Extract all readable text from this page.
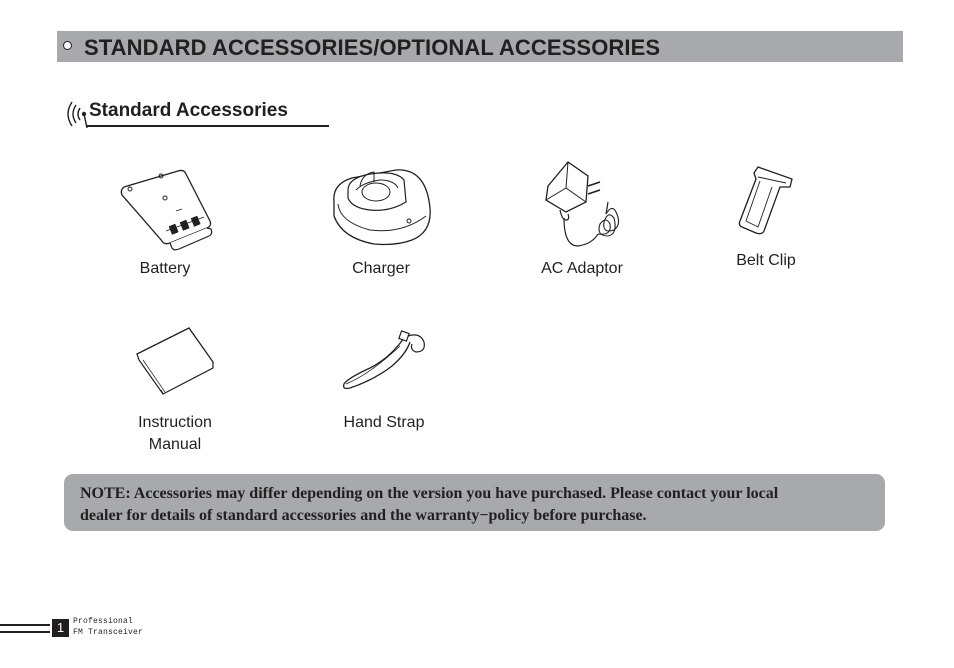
STANDARD ACCESSORIES/OPTIONAL ACCESSORIES
Standard Accessories
Battery	Charger	AC Adaptor	Belt Clip
Instruction
Manual
Hand Strap

NOTE: Accessories may differ depending on the version you have purchased. Please contact your local

dealer for details of standard accessories and the warranty−policy before purchase.

1	Professional
FM Transceiver
